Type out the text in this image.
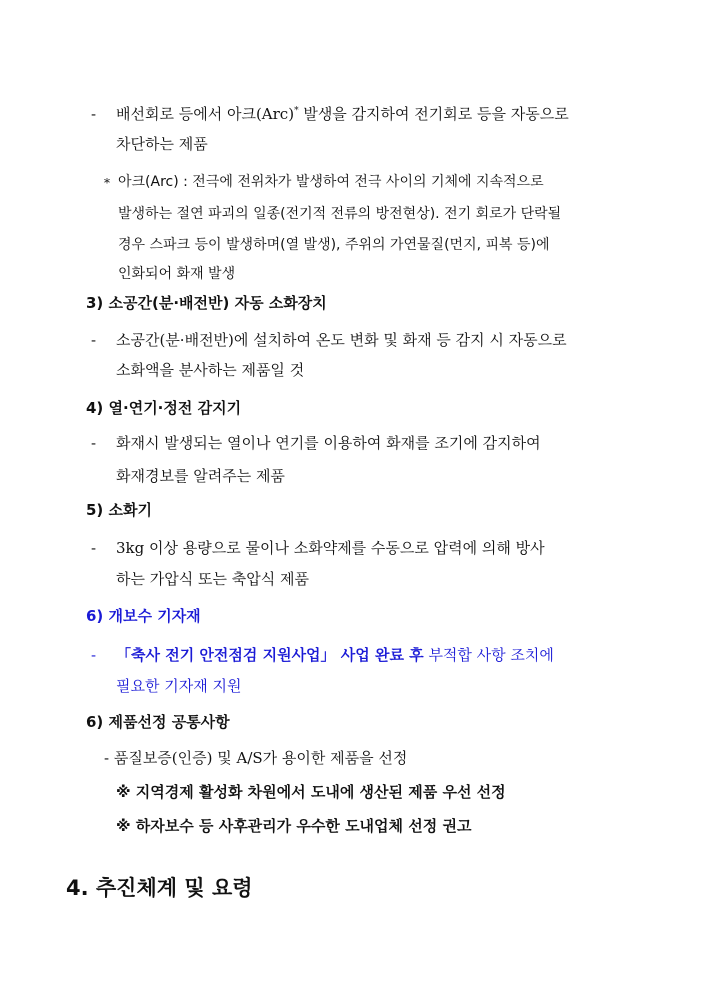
- 배선회로 등에서 아크(Arc)* 발생을 감지하여 전기회로 등을 자동으로
차단하는 제품
* 아크(Arc) : 전극에 전위차가 발생하여 전극 사이의 기체에 지속적으로
발생하는 절연 파괴의 일종(전기적 전류의 방전현상). 전기 회로가 단락될
경우 스파크 등이 발생하며(열 발생), 주위의 가연물질(먼지, 피복 등)에
인화되어 화재 발생
3) 소공간(분·배전반) 자동 소화장치
- 소공간(분·배전반)에 설치하여 온도 변화 및 화재 등 감지 시 자동으로
소화액을 분사하는 제품일 것
4) 열·연기·정전 감지기
- 화재시 발생되는 열이나 연기를 이용하여 화재를 조기에 감지하여
화재경보를 알려주는 제품
5) 소화기
- 3kg 이상 용량으로 물이나 소화약제를 수동으로 압력에 의해 방사
하는 가압식 또는 축압식 제품
6) 개보수 기자재
- 「축사 전기 안전점검 지원사업」 사업 완료 후 부적합 사항 조치에
필요한 기자재 지원
6) 제품선정 공통사항
- 품질보증(인증) 및 A/S가 용이한 제품을 선정
※ 지역경제 활성화 차원에서 도내에 생산된 제품 우선 선정
※ 하자보수 등 사후관리가 우수한 도내업체 선정 권고
4. 추진체계 및 요령
